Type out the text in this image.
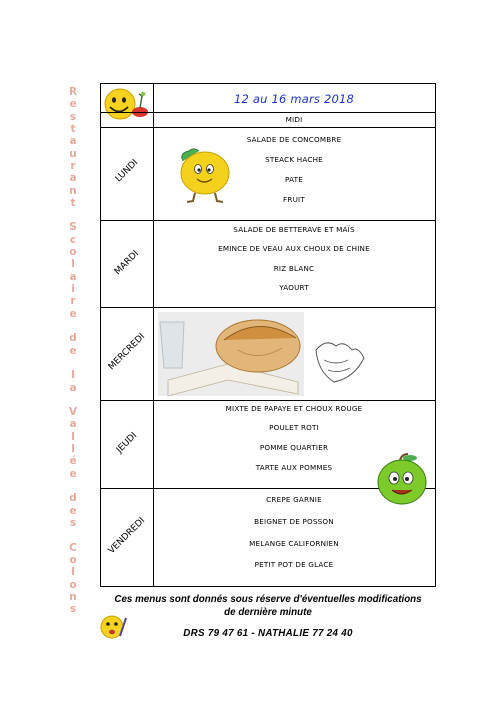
R
e
s
t
a
u
r
a
n
t

S
c
o
l
a
i
r
e

d
e

l
a

V
a
l
l
é
e

d
e
s

C
o
l
o
n
s
12 au 16 mars 2018
MIDI
LUNDI
MARDI
MERCREDI
JEUDI
VENDREDI
SALADE DE CONCOMBRE
STEACK HACHE
PATE
FRUIT
SALADE DE BETTERAVE ET MAÏS
EMINCE DE VEAU AUX CHOUX DE CHINE
RIZ BLANC
YAOURT
MIXTE DE PAPAYE ET CHOUX ROUGE
POULET ROTI
POMME QUARTIER
TARTE AUX POMMES
CREPE GARNIE
BEIGNET DE POSSON
MELANGE CALIFORNIEN
PETIT POT DE GLACE
Ces menus sont donnés sous réserve d'éventuelles modifications
de dernière minute
DRS 79 47 61 - NATHALIE 77 24 40
